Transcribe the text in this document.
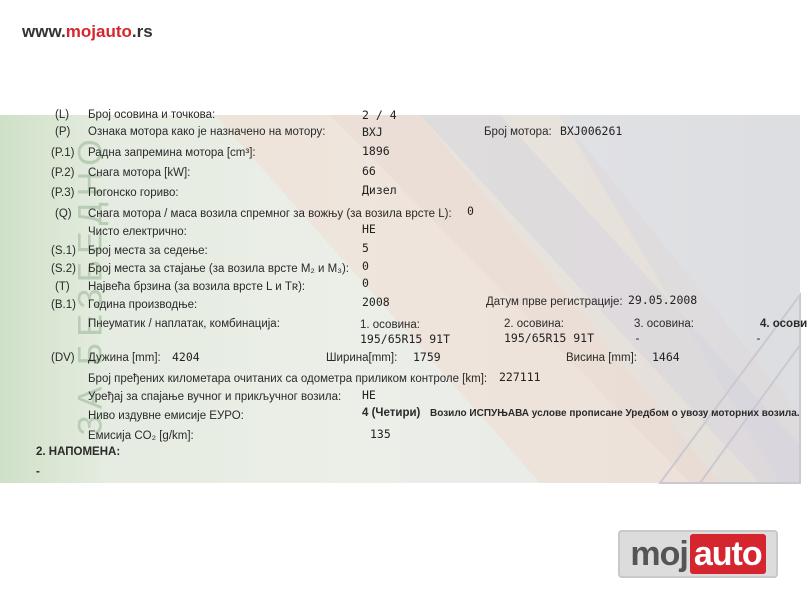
www.mojauto.rs
ЗА БЕЗБЕДНО
(L) Број осовина и точкова:	2 / 4
(P) Ознака мотора како је назначено на мотору:	BXJ	Број мотора: BXJ006261
(P.1) Радна запремина мотора [cm³]:	1896
(P.2) Снага мотора [kW]:	66
(P.3) Погонско гориво:	Дизел
(Q) Снага мотора / маса возила спремног за вожњу (за возила врсте L): 0
Чисто електрично:	НЕ
(S.1) Број места за седење:	5
(S.2) Број места за стајање (за возила врсте M₂ и M₃): 0
(T) Највећа брзина (за возила врсте L и Tʀ):	0
(B.1) Година производње:	2008	Датум прве регистрације: 29.05.2008
Пнеуматик / наплатак, комбинација:	1. осовина:	2. осовина:	3. осовина:	4. осови
195/65R15 91T	195/65R15 91T	-	-
(DV) Дужина [mm]: 4204	Ширина[mm]: 1759	Висина [mm]: 1464
Број пређених километара очитаних са одометра приликом контроле [km]: 227111
Уређај за спајање вучног и прикључног возила: НЕ
Ниво издувне емисије ЕУРО:	4 (Четири) Возило ИСПУЊАВА услове прописане Уредбом о увозу моторних возила.
Емисија CO₂ [g/km]:	135
2. НАПОМЕНА:
-
moj auto
